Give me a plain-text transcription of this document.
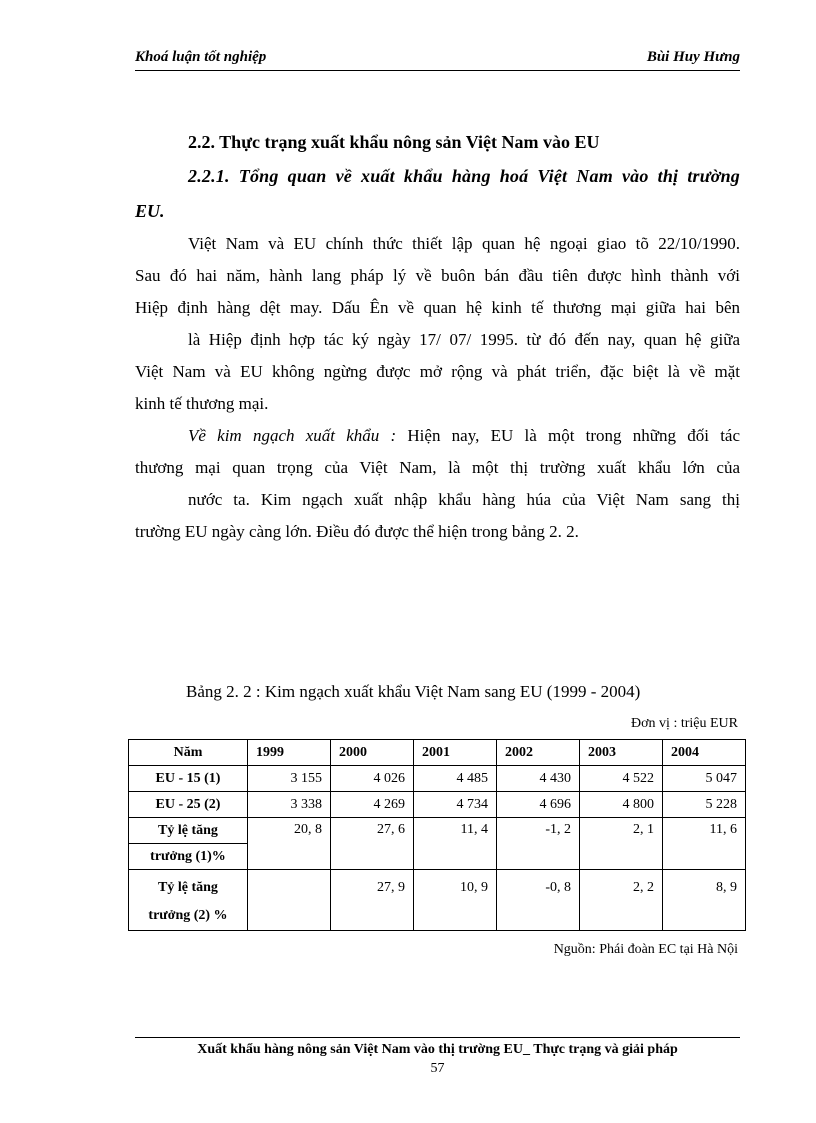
Khoá luận tốt nghiệp	Bùi Huy Hưng
2.2. Thực trạng xuất khẩu nông sản Việt Nam vào EU
2.2.1. Tổng quan về xuất khẩu hàng hoá Việt Nam vào thị trường
EU.
Việt Nam và EU chính thức thiết lập quan hệ ngoại giao tõ 22/10/1990.
Sau đó hai năm, hành lang pháp lý về buôn bán đầu tiên được hình thành với
Hiệp định hàng dệt may. Dấu Ên về quan hệ kinh tế thương mại giữa hai bên
là Hiệp định hợp tác ký ngày 17/ 07/ 1995. từ đó đến nay, quan hệ giữa
Việt Nam và EU không ngừng được mở rộng và phát triển, đặc biệt là về mặt
kinh tế thương mại.
Về kim ngạch xuất khẩu : Hiện nay, EU là một trong những đối tác
thương mại quan trọng của Việt Nam, là một thị trường xuất khẩu lớn của
nước ta. Kim ngạch xuất nhập khẩu hàng húa của Việt Nam sang thị
trường EU ngày càng lớn. Điều đó được thể hiện trong bảng 2. 2.
Bảng 2. 2 : Kim ngạch xuất khẩu Việt Nam sang EU (1999 - 2004)
Đơn vị : triệu EUR
Năm	1999	2000	2001	2002	2003	2004
EU - 15 (1)	3 155	4 026	4 485	4 430	4 522	5 047
EU - 25 (2)	3 338	4 269	4 734	4 696	4 800	5 228
Tỷ lệ tăng	20, 8	27, 6	11, 4	-1, 2	2, 1	11, 6
trưởng (1)%						
Tỷ lệ tăng
trưởng (2) %		27, 9	10, 9	-0, 8	2, 2	8, 9
Nguồn: Phái đoàn EC tại Hà Nội
Xuất khẩu hàng nông sản Việt Nam vào thị trường EU_ Thực trạng và giải pháp
57
